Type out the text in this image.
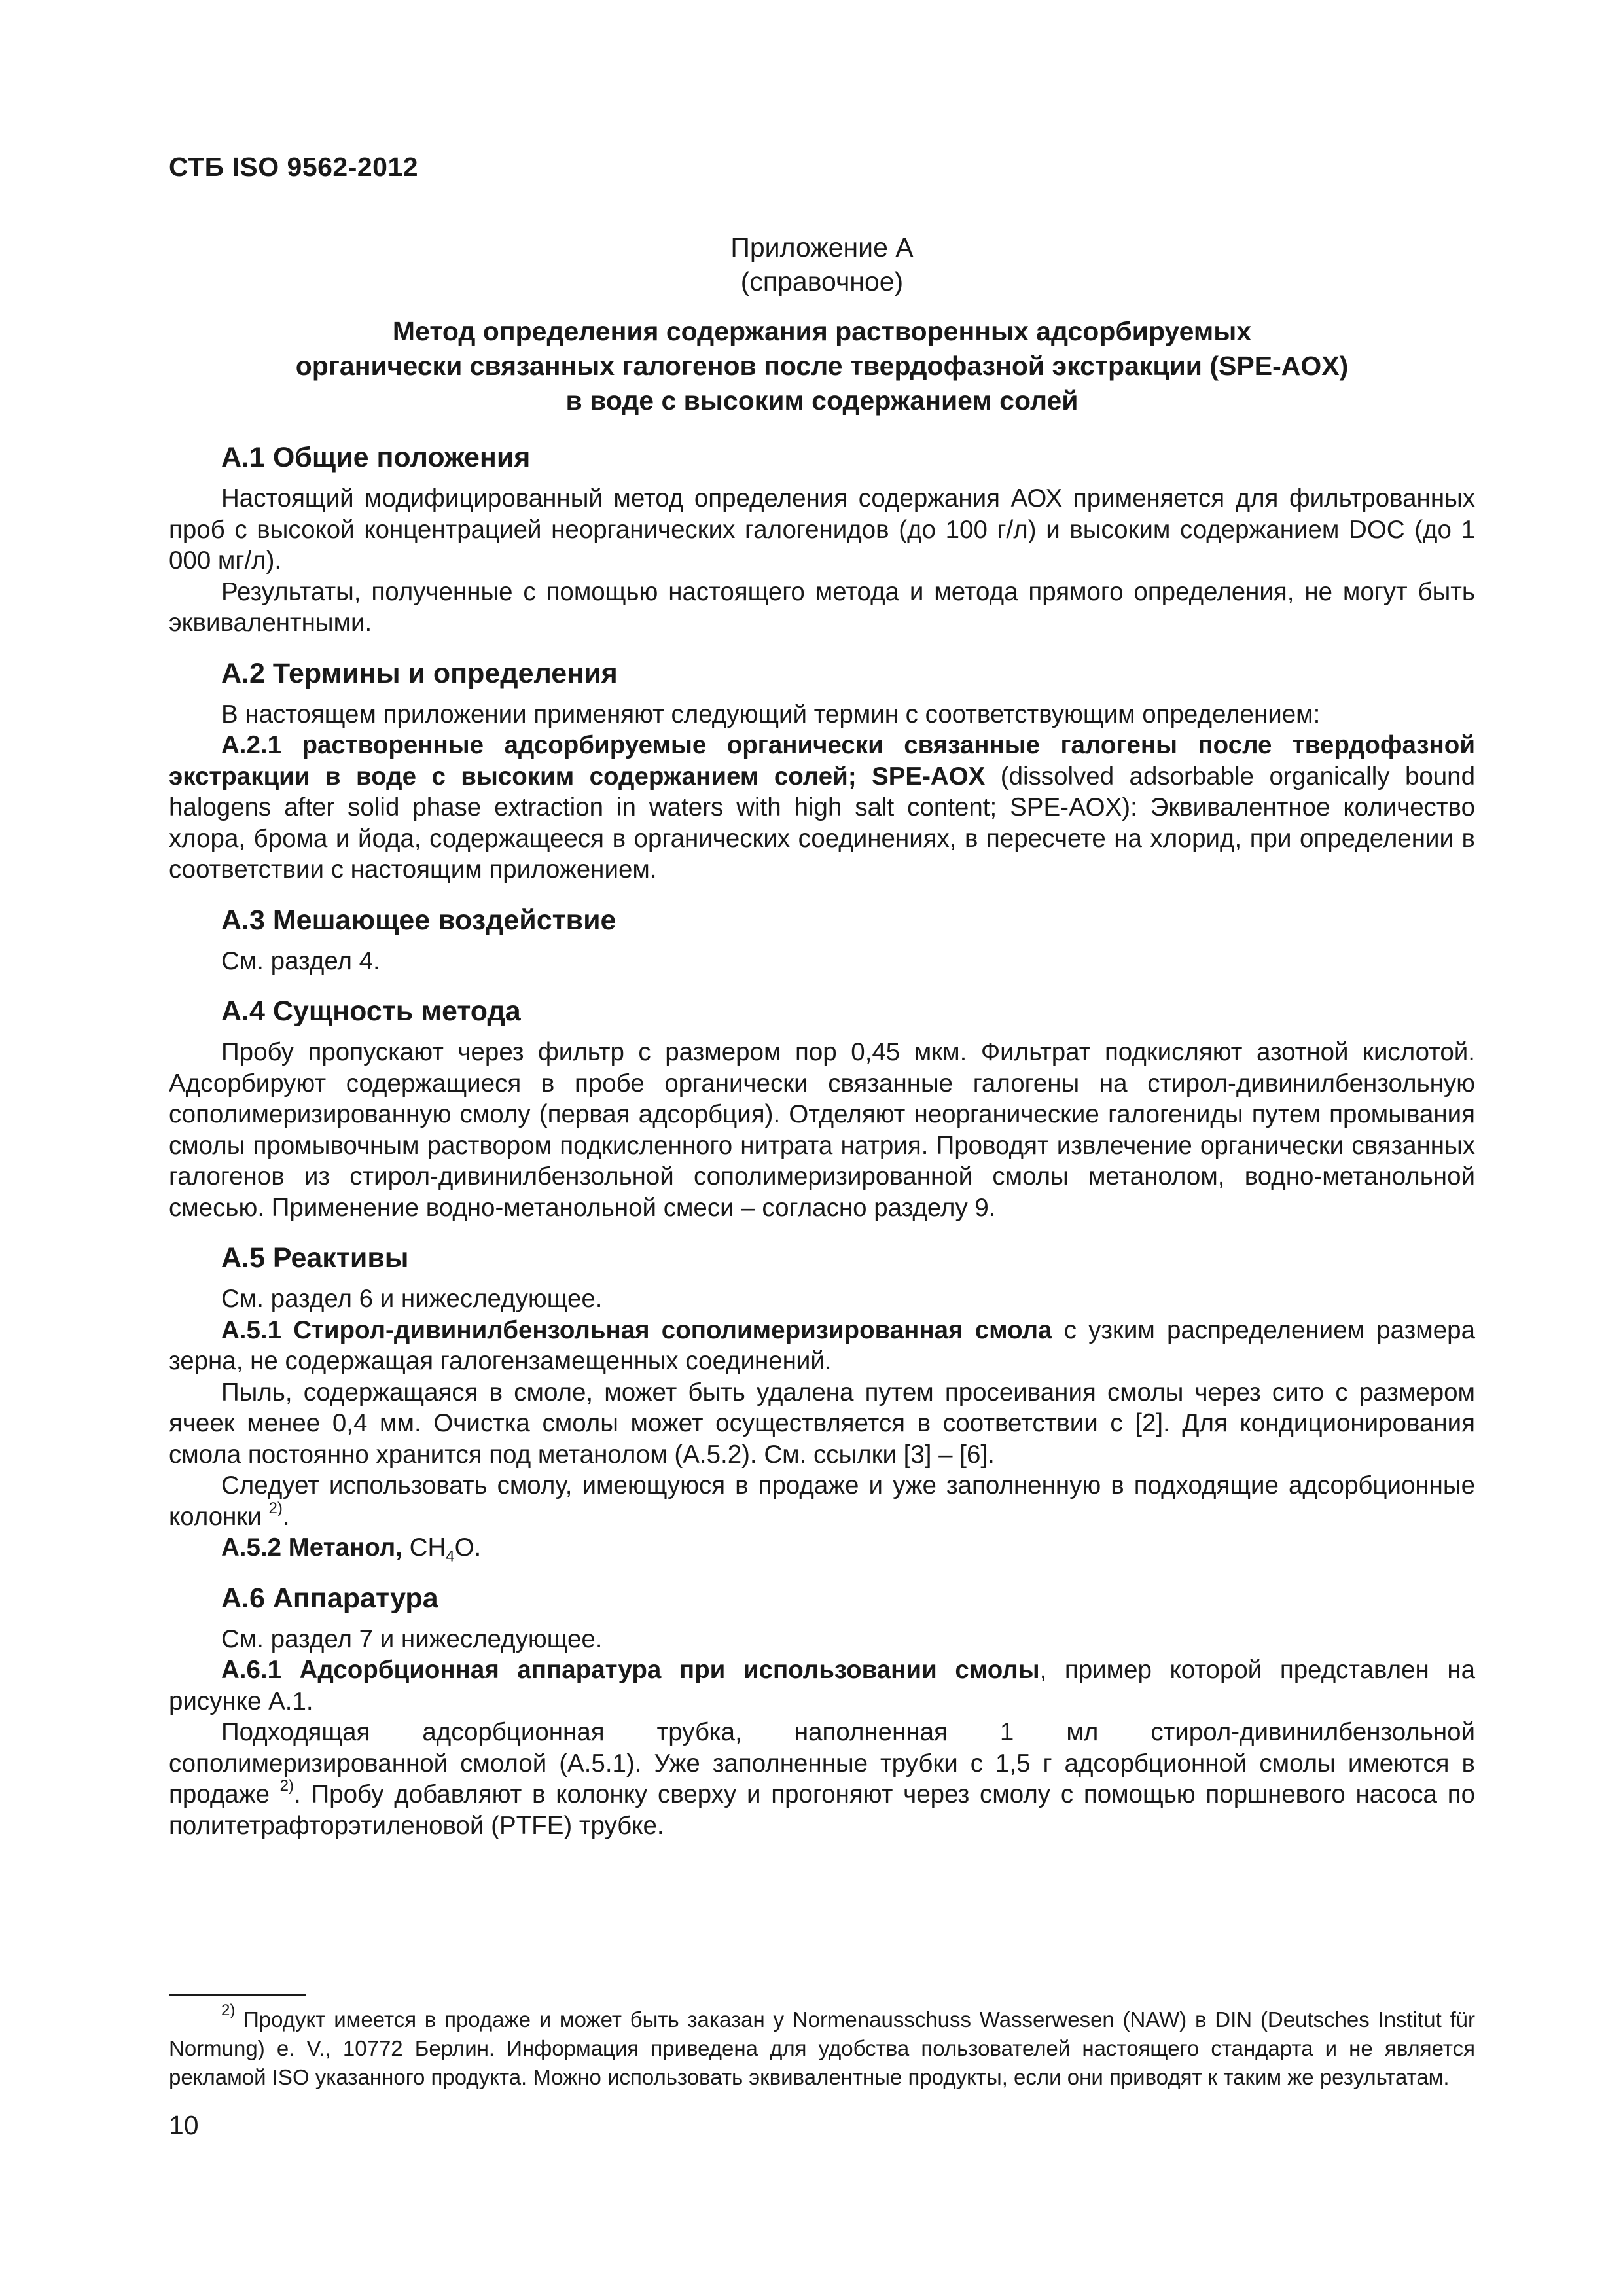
СТБ ISO 9562-2012
Приложение А
(справочное)
Метод определения содержания растворенных адсорбируемых
органически связанных галогенов после твердофазной экстракции (SPE-AOX)
в воде с высоким содержанием солей
А.1 Общие положения

Настоящий модифицированный метод определения содержания АОХ применяется для фильтрованных проб с высокой концентрацией неорганических галогенидов (до 100 г/л) и высоким содержанием DOC (до 1 000 мг/л).

Результаты, полученные с помощью настоящего метода и метода прямого определения, не могут быть эквивалентными.

А.2 Термины и определения

В настоящем приложении применяют следующий термин с соответствующим определением:

А.2.1 растворенные адсорбируемые органически связанные галогены после твердофазной экстракции в воде с высоким содержанием солей; SPE-AOX (dissolved adsorbable organically bound halogens after solid phase extraction in waters with high salt content; SPE-AOX): Эквивалентное количество хлора, брома и йода, содержащееся в органических соединениях, в пересчете на хлорид, при определении в соответствии с настоящим приложением.

А.3 Мешающее воздействие

См. раздел 4.

А.4 Сущность метода

Пробу пропускают через фильтр с размером пор 0,45 мкм. Фильтрат подкисляют азотной кислотой. Адсорбируют содержащиеся в пробе органически связанные галогены на стирол-дивинилбензольную сополимеризированную смолу (первая адсорбция). Отделяют неорганические галогениды путем промывания смолы промывочным раствором подкисленного нитрата натрия. Проводят извлечение органически связанных галогенов из стирол-дивинилбензольной сополимеризированной смолы метанолом, водно-метанольной смесью. Применение водно-метанольной смеси – согласно разделу 9.

А.5 Реактивы

См. раздел 6 и нижеследующее.

А.5.1 Стирол-дивинилбензольная сополимеризированная смола с узким распределением размера зерна, не содержащая галогензамещенных соединений.

Пыль, содержащаяся в смоле, может быть удалена путем просеивания смолы через сито с размером ячеек менее 0,4 мм. Очистка смолы может осуществляется в соответствии с [2]. Для кондиционирования смола постоянно хранится под метанолом (А.5.2). См. ссылки [3] – [6].

Следует использовать смолу, имеющуюся в продаже и уже заполненную в подходящие адсорбционные колонки $^{2)}$.

А.5.2 Метанол, $CH_4O$.

А.6 Аппаратура

См. раздел 7 и нижеследующее.

А.6.1 Адсорбционная аппаратура при использовании смолы, пример которой представлен на рисунке А.1.

Подходящая адсорбционная трубка, наполненная 1 мл стирол-дивинилбензольной сополимеризированной смолой (А.5.1). Уже заполненные трубки с 1,5 г адсорбционной смолы имеются в продаже $^{2)}$. Пробу добавляют в колонку сверху и прогоняют через смолу с помощью поршневого насоса по политетрафторэтиленовой (PTFE) трубке.

$^{2)}$ Продукт имеется в продаже и может быть заказан у Normenausschuss Wasserwesen (NAW) в DIN (Deutsches Institut für Normung) e. V., 10772 Берлин. Информация приведена для удобства пользователей настоящего стандарта и не является рекламой ISO указанного продукта. Можно использовать эквивалентные продукты, если они приводят к таким же результатам.
10
